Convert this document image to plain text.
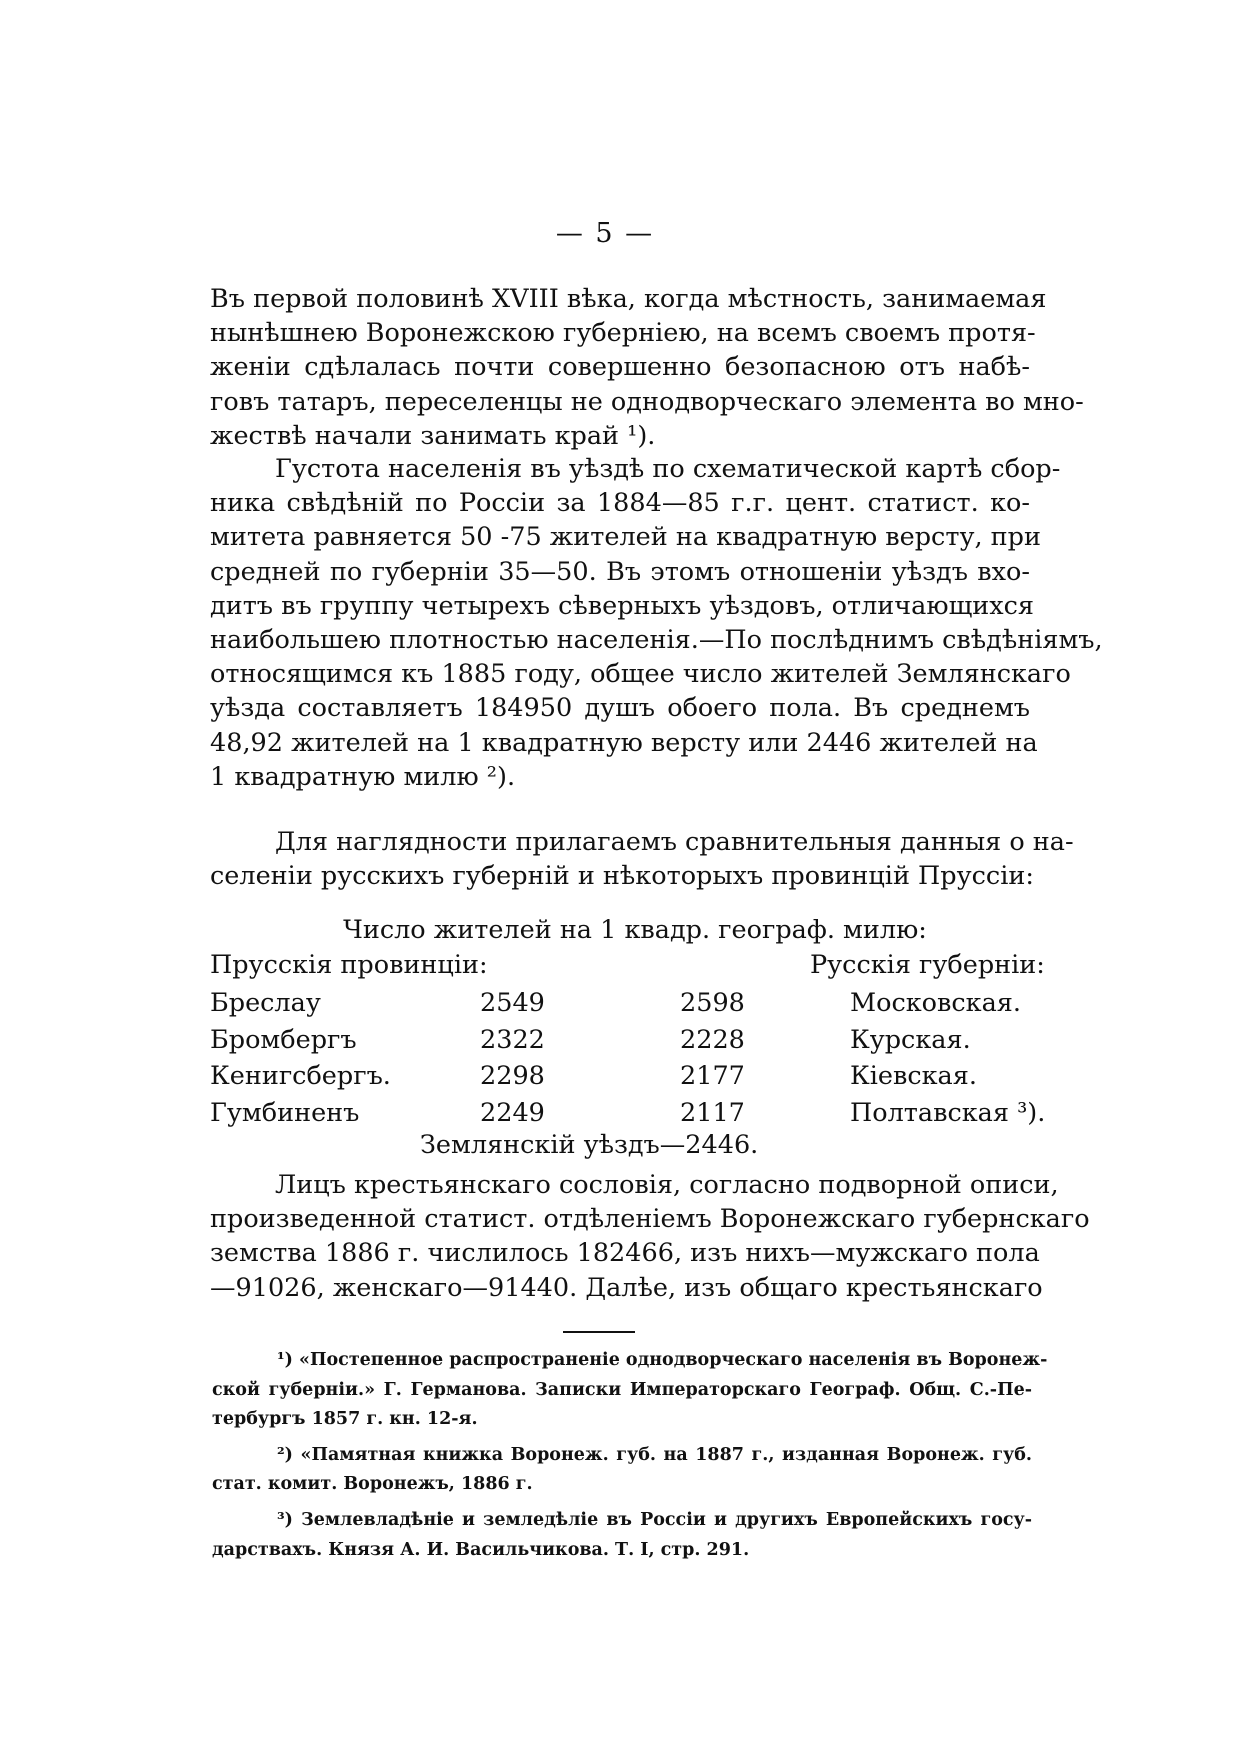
— 5 —
Въ первой половинѣ XVIII вѣка, когда мѣстность, занимаемая
нынѣшнею Воронежскою губерніею, на всемъ своемъ протя-
женіи сдѣлалась почти совершенно безопасною отъ набѣ-
говъ татаръ, переселенцы не однодворческаго элемента во мно-
жествѣ начали занимать край ¹).
Густота населенія въ уѣздѣ по схематической картѣ сбор-
ника свѣдѣній по Россіи за 1884—85 г.г. цент. статист. ко-
митета равняется 50 -75 жителей на квадратную версту, при
средней по губерніи 35—50. Въ этомъ отношеніи уѣздъ вхо-
дитъ въ группу четырехъ сѣверныхъ уѣздовъ, отличающихся
наибольшею плотностью населенія.—По послѣднимъ свѣдѣніямъ,
относящимся къ 1885 году, общее число жителей Землянскаго
уѣзда составляетъ 184950 душъ обоего пола. Въ среднемъ
48,92 жителей на 1 квадратную версту или 2446 жителей на
1 квадратную милю ²).
Для наглядности прилагаемъ сравнительныя данныя о на-
селеніи русскихъ губерній и нѣкоторыхъ провинцій Пруссіи:
Число жителей на 1 квадр. географ. милю:
Прусскія провинціи:	Русскія губерніи:
Бреслау	2549	2598	Московская.
Бромбергъ	2322	2228	Курская.
Кенигсбергъ.	2298	2177	Кіевская.
Гумбиненъ	2249	2117	Полтавская ³).
Землянскій уѣздъ—2446.
Лицъ крестьянскаго сословія, согласно подворной описи,
произведенной статист. отдѣленіемъ Воронежскаго губернскаго
земства 1886 г. числилось 182466, изъ нихъ—мужскаго пола
—91026, женскаго—91440. Далѣе, изъ общаго крестьянскаго
¹) «Постепенное распространеніе однодворческаго населенія въ Воронеж-
ской губерніи.» Г. Германова. Записки Императорскаго Географ. Общ. С.-Пе-
тербургъ 1857 г. кн. 12-я.
²) «Памятная книжка Воронеж. губ. на 1887 г., изданная Воронеж. губ.
стат. комит. Воронежъ, 1886 г.
³) Землевладѣніе и земледѣліе въ Россіи и другихъ Европейскихъ госу-
дарствахъ. Князя А. И. Васильчикова. Т. I, стр. 291.
